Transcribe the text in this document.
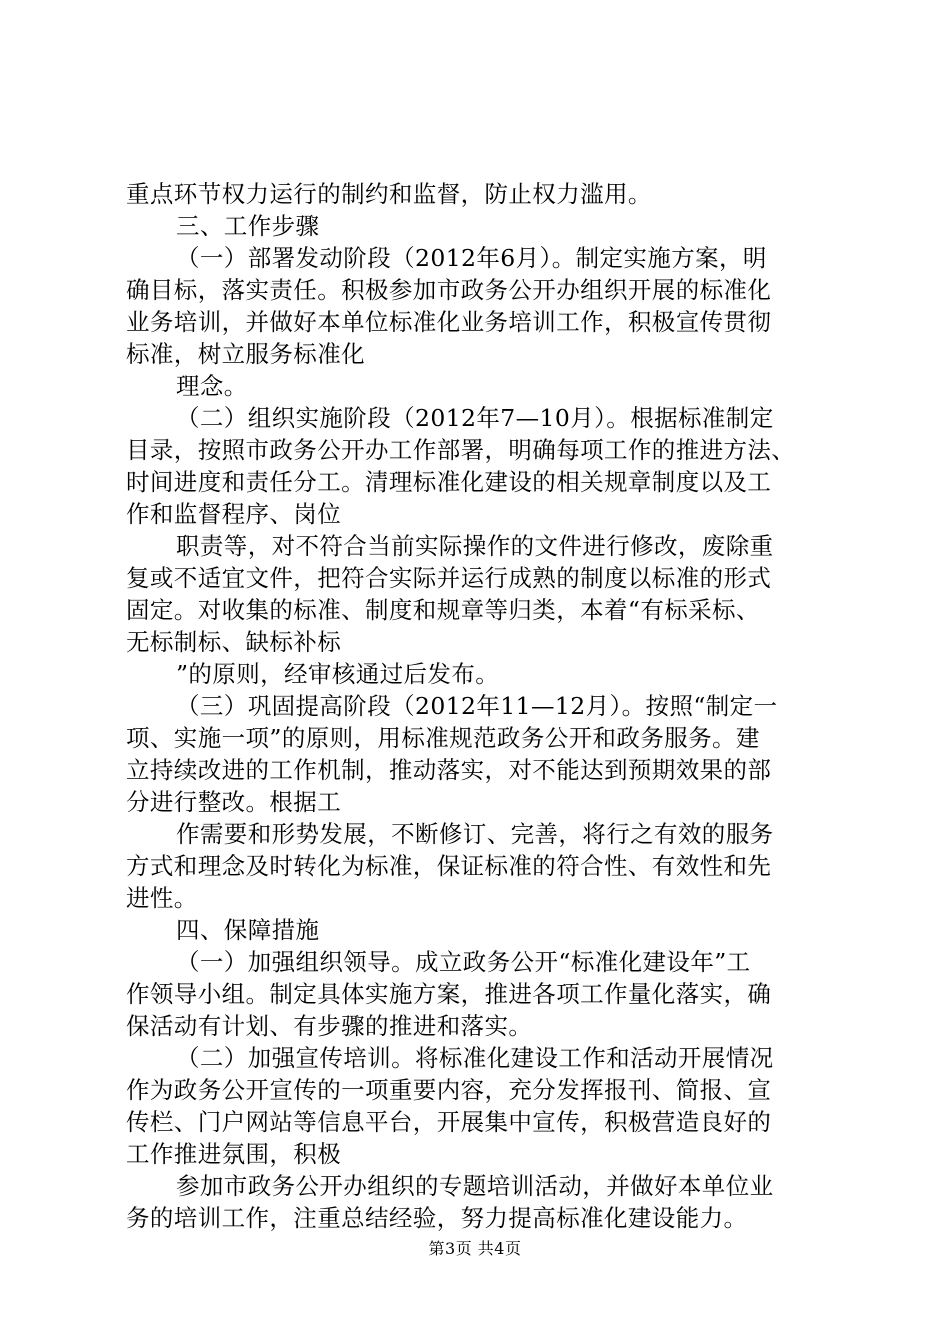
重点环节权力运行的制约和监督，防止权力滥用。
三、工作步骤
（一）部署发动阶段（2012年6月）。制定实施方案，明
确目标，落实责任。积极参加市政务公开办组织开展的标准化
业务培训，并做好本单位标准化业务培训工作，积极宣传贯彻
标准，树立服务标准化
理念。
（二）组织实施阶段（2012年7—10月）。根据标准制定
目录，按照市政务公开办工作部署，明确每项工作的推进方法、
时间进度和责任分工。清理标准化建设的相关规章制度以及工
作和监督程序、岗位
职责等，对不符合当前实际操作的文件进行修改，废除重
复或不适宜文件，把符合实际并运行成熟的制度以标准的形式
固定。对收集的标准、制度和规章等归类，本着“有标采标、
无标制标、缺标补标
”的原则，经审核通过后发布。
（三）巩固提高阶段（2012年11—12月）。按照“制定一
项、实施一项”的原则，用标准规范政务公开和政务服务。建
立持续改进的工作机制，推动落实，对不能达到预期效果的部
分进行整改。根据工
作需要和形势发展，不断修订、完善，将行之有效的服务
方式和理念及时转化为标准，保证标准的符合性、有效性和先
进性。
四、保障措施
（一）加强组织领导。成立政务公开“标准化建设年”工
作领导小组。制定具体实施方案，推进各项工作量化落实，确
保活动有计划、有步骤的推进和落实。
（二）加强宣传培训。将标准化建设工作和活动开展情况
作为政务公开宣传的一项重要内容，充分发挥报刊、简报、宣
传栏、门户网站等信息平台，开展集中宣传，积极营造良好的
工作推进氛围，积极
参加市政务公开办组织的专题培训活动，并做好本单位业
务的培训工作，注重总结经验，努力提高标准化建设能力。
第3页 共4页
